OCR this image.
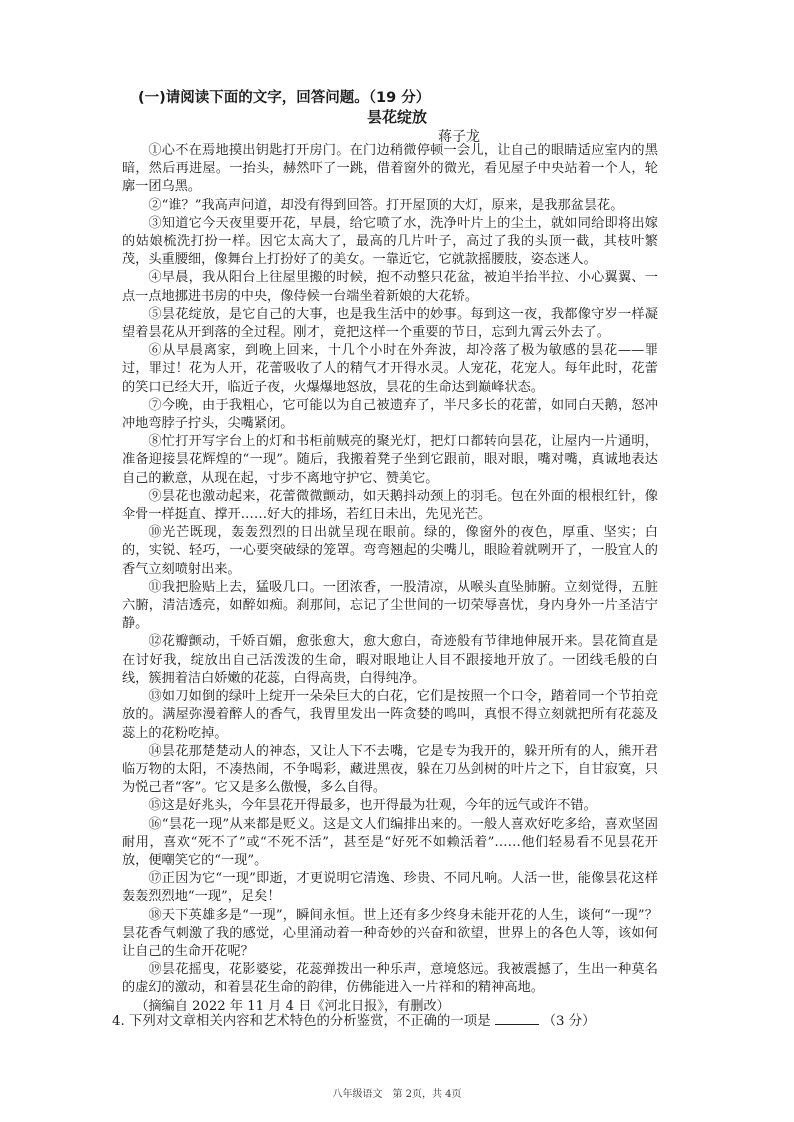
(一)请阅读下面的文字，回答问题。（19 分）
昙花绽放
蒋子龙

①心不在焉地摸出钥匙打开房门。在门边稍微停顿一会儿，让自己的眼睛适应室内的黑暗，然后再进屋。一抬头，赫然吓了一跳，借着窗外的微光，看见屋子中央站着一个人，轮廓一团乌黑。

②“谁？”我高声问道，却没有得到回答。打开屋顶的大灯，原来，是我那盆昙花。

③知道它今天夜里要开花，早晨，给它喷了水，洗净叶片上的尘土，就如同给即将出嫁的姑娘梳洗打扮一样。因它太高大了，最高的几片叶子，高过了我的头顶一截，其枝叶繁茂，头重腰细，像舞台上打扮好了的美女。一靠近它，它就款摇腰肢，姿态迷人。

④早晨，我从阳台上往屋里搬的时候，抱不动整只花盆，被迫半抬半拉、小心翼翼、一点一点地挪进书房的中央，像侍候一台端坐着新娘的大花轿。

⑤昙花绽放，是它自己的大事，也是我生活中的妙事。每到这一夜，我都像守岁一样凝望着昙花从开到落的全过程。刚才，竟把这样一个重要的节日，忘到九霄云外去了。

⑥从早晨离家，到晚上回来，十几个小时在外奔波，却冷落了极为敏感的昙花——罪过，罪过！花为人开，花蕾吸收了人的精气才开得水灵。人宠花，花宠人。每年此时，花蕾的笑口已经大开，临近子夜，火爆爆地怒放，昙花的生命达到巅峰状态。

⑦今晚，由于我粗心，它可能以为自己被遗弃了，半尺多长的花蕾，如同白天鹅，怒冲冲地弯脖子拧头，尖嘴紧闭。

⑧忙打开写字台上的灯和书柜前贼亮的聚光灯，把灯口都转向昙花，让屋内一片通明，准备迎接昙花辉煌的“一现”。随后，我搬着凳子坐到它跟前，眼对眼，嘴对嘴，真诚地表达自己的歉意，从现在起，寸步不离地守护它、赞美它。

⑨昙花也激动起来，花蕾微微颤动，如天鹅抖动颈上的羽毛。包在外面的根根红针，像伞骨一样挺直、撑开……好大的排场，若红日未出，先见光芒。

⑩光芒既现，轰轰烈烈的日出就呈现在眼前。绿的，像窗外的夜色，厚重、坚实；白的，实锐、轻巧，一心要突破绿的笼罩。弯弯翘起的尖嘴儿，眼睑着就咧开了，一股宜人的香气立刻喷射出来。

⑪我把脸贴上去，猛吸几口。一团浓香，一股清凉，从喉头直坠肺腑。立刻觉得，五脏六腑，清洁透亮，如醉如痴。刹那间，忘记了尘世间的一切荣辱喜忧，身内身外一片圣洁宁静。

⑫花瓣颤动，千娇百媚，愈张愈大，愈大愈白，奇迹般有节律地伸展开来。昙花简直是在讨好我，绽放出自己活泼泼的生命，暇对眼地让人目不跟接地开放了。一团线毛般的白线，簇拥着洁白娇嫩的花蕊，白得高贵，白得纯净。

⑬如刀如倒的绿叶上绽开一朵朵巨大的白花，它们是按照一个口令，踏着同一个节拍竞放的。满屋弥漫着醉人的香气，我胃里发出一阵贪婪的鸣叫，真恨不得立刻就把所有花蕊及蕊上的花粉吃掉。

⑭昙花那楚楚动人的神态，又让人下不去嘴，它是专为我开的，躲开所有的人，熊开君临万物的太阳，不凑热闹，不争喝彩，藏进黑夜，躲在刀丛剑树的叶片之下，自甘寂寞，只为悦己者“客”。它又是多么傲慢，多么自得。

⑮这是好兆头，今年昙花开得最多，也开得最为壮观，今年的远气或许不错。

⑯“昙花一现”从来都是贬义。这是文人们编排出来的。一般人喜欢好吃多给，喜欢坚固耐用，喜欢“死不了”或“不死不活”，甚至是“好死不如赖活着”……他们轻易看不见昙花开放，便嘲笑它的“一现”。

⑰正因为它“一现”即逝，才更说明它清逸、珍贵、不同凡响。人活一世，能像昙花这样轰轰烈烈地“一现”，足矣！

⑱天下英雄多是“一现”，瞬间永恒。世上还有多少终身未能开花的人生，谈何“一现”？昙花香气刺激了我的感觉，心里涌动着一种奇妙的兴奋和欲望，世界上的各色人等，该如何让自己的生命开花呢？

⑲昙花摇曳，花影婆娑，花蕊弹拨出一种乐声，意境悠远。我被震撼了，生出一种莫名的虚幻的激动，和着昙花生命的韵律，仿佛能进入一片祥和的精神高地。

（摘编自 2022 年 11 月 4 日《河北日报》，有删改）

4. 下列对文章相关内容和艺术特色的分析鉴赏，不正确的一项是	（3 分）
八年级语文　第 2页，共 4页
